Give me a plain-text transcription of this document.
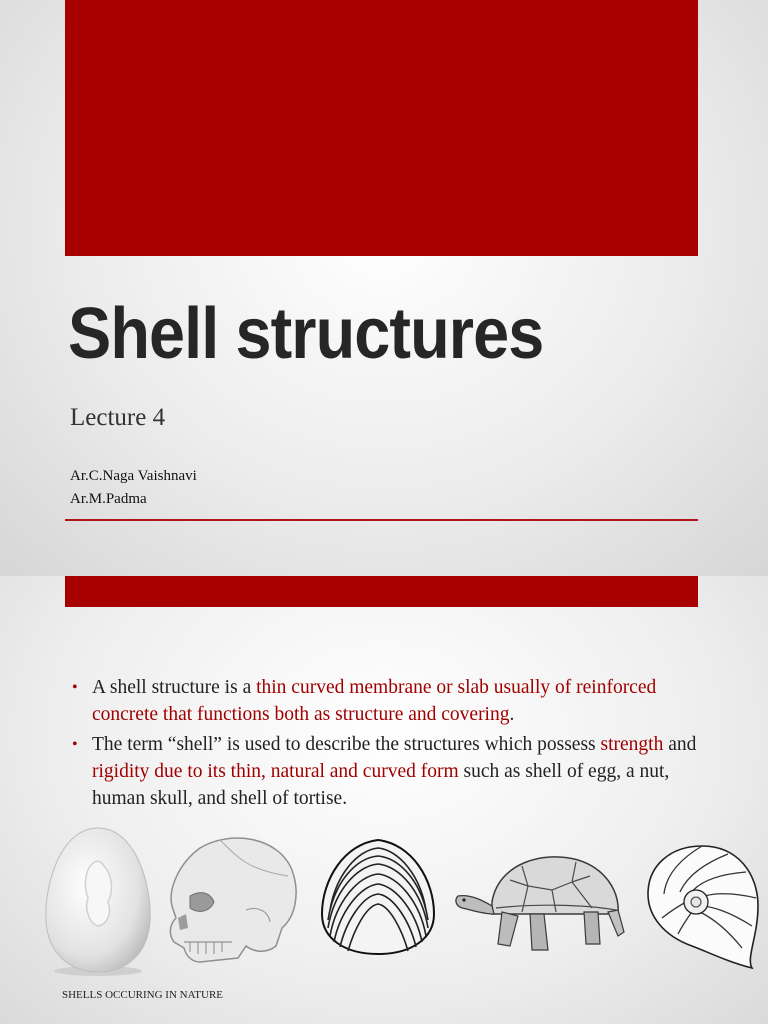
Shell structures
Lecture 4
Ar.C.Naga Vaishnavi
Ar.M.Padma
• A shell structure is a thin curved membrane or slab usually of reinforced concrete that functions both as structure and covering.
• The term “shell” is used to describe the structures which possess strength and rigidity due to its thin, natural and curved form such as shell of egg, a nut, human skull, and shell of tortise.
SHELLS OCCURING IN NATURE
